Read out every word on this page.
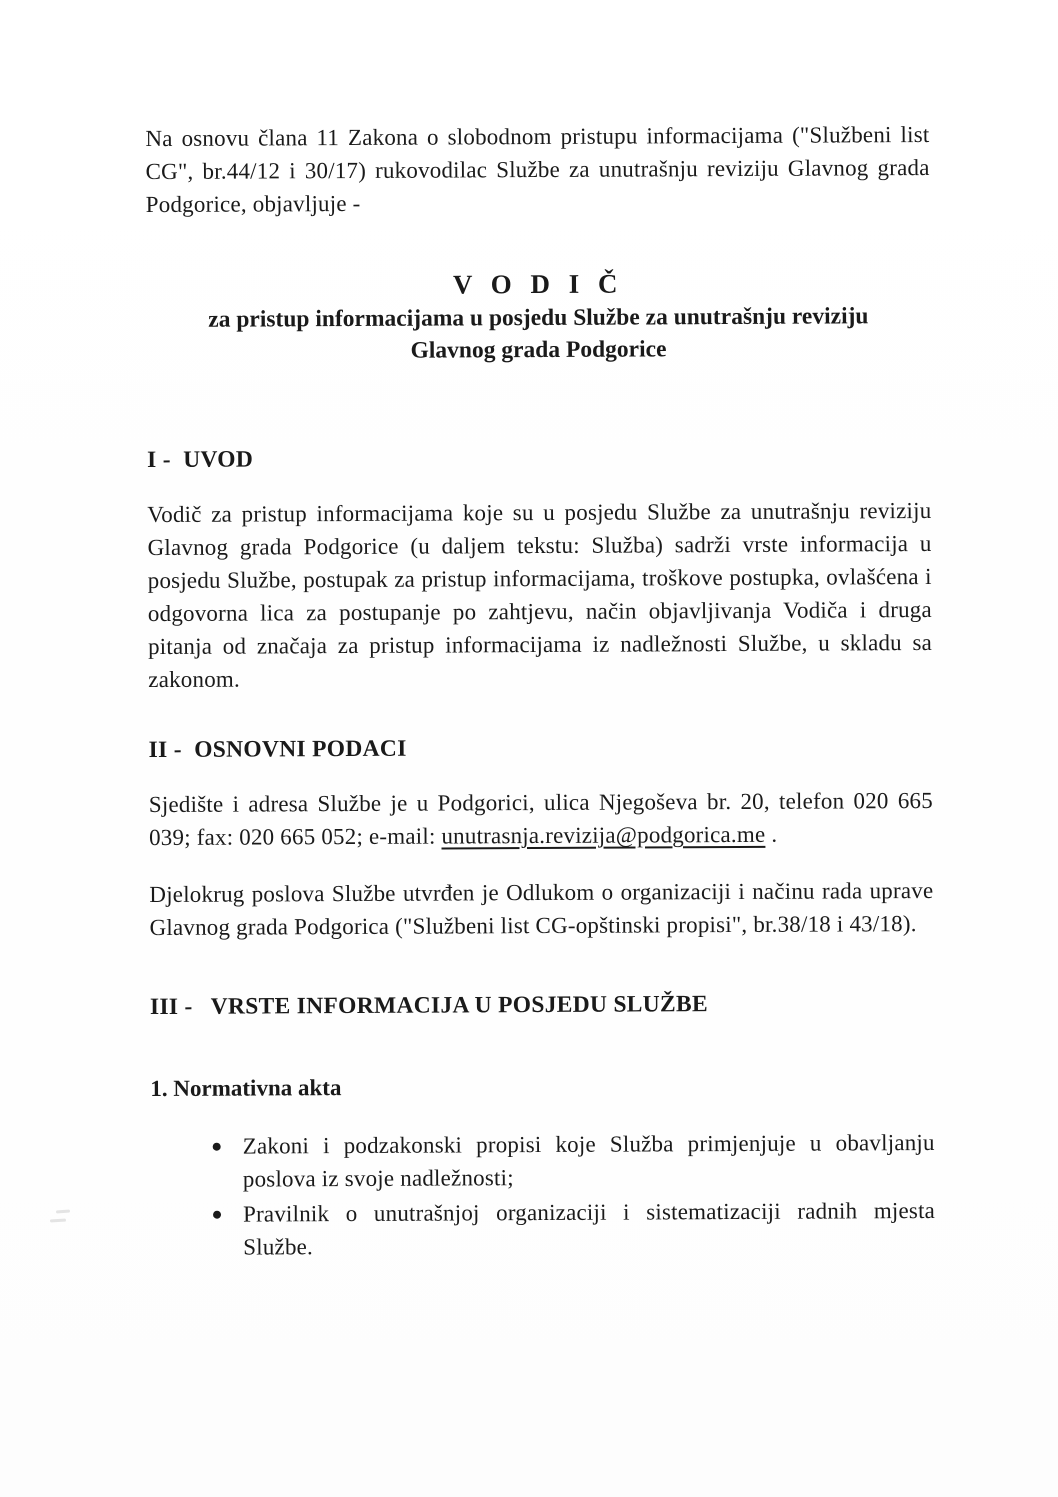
Na osnovu člana 11 Zakona o slobodnom pristupu informacijama ("Službeni list CG", br.44/12 i 30/17) rukovodilac Službe za unutrašnju reviziju Glavnog grada Podgorice, objavljuje -

V O D I Č
za pristup informacijama u posjedu Službe za unutrašnju reviziju
Glavnog grada Podgorice
I -  UVOD

Vodič za pristup informacijama koje su u posjedu Službe za unutrašnju reviziju Glavnog grada Podgorice (u daljem tekstu: Služba) sadrži vrste informacija u posjedu Službe, postupak za pristup informacijama, troškove postupka, ovlašćena i odgovorna lica za postupanje po zahtjevu, način objavljivanja Vodiča i druga pitanja od značaja za pristup informacijama iz nadležnosti Službe, u skladu sa zakonom.

II -  OSNOVNI PODACI

Sjedište i adresa Službe je u Podgorici, ulica Njegoševa br. 20, telefon 020 665 039; fax: 020 665 052; e-mail: unutrasnja.revizija@podgorica.me .

Djelokrug poslova Službe utvrđen je Odlukom o organizaciji i načinu rada uprave Glavnog grada Podgorica ("Službeni list CG-opštinski propisi", br.38/18 i 43/18).

III -   VRSTE INFORMACIJA U POSJEDU SLUŽBE
1. Normativna akta
Zakoni i podzakonski propisi koje Služba primjenjuje u obavljanju poslova iz svoje nadležnosti;
Pravilnik o unutrašnjoj organizaciji i sistematizaciji radnih mjesta Službe.
